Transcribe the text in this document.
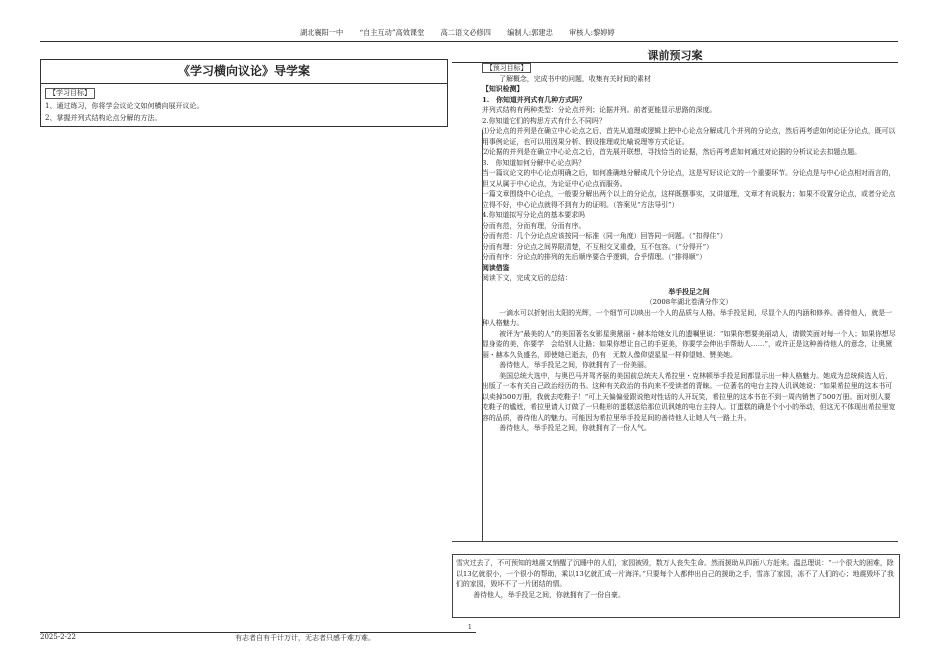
湖北襄阳一中 “自主互动”高效课堂 高二语文必修四 编制人:郭建忠 审核人:黎婷婷
《学习横向议论》导学案
【学习目标】
1、通过练习，你将学会议论文如何横向展开议论。
2、掌握并列式结构论点分解的方法。
课前预习案

【预习目标】

了解概念，完成书中的问题，收集有关时间的素材

【知识检测】

1.　你知道并列式有几种方式吗？

并列式结构有两种类型：分论点并列；论据并列。前者更能显示思路的深度。

2.你知道它们的构思方式有什么不同吗？

⑴分论点的并列是在确立中心论点之后，首先从道理或逻辑上把中心论点分解成几个并列的分论点，然后再考虑如何论证分论点，既可以用事例论证，也可以用因果分析、假设推理或比喻说理等方式论证。

⑵论据的并列是在确立中心论点之后，首先展开联想，寻找恰当的论据，然后再考虑如何通过对论据的分析议论去扣题点题。

3.　你知道如何分解中心论点吗？

当一篇议论文的中心论点明确之后，如何准确地分解成几个分论点，这是写好议论文的一个重要环节。分论点是与中心论点相对而言的，但又从属于中心论点，为论证中心论点而服务。

一篇文章围绕中心论点，一般要分解出两个以上的分论点，这样既摆事实，又讲道理，文章才有说服力；如果不设置分论点，或者分论点立得不好，中心论点就得不到有力的证明。（答案见“方法导引”）

4.你知道拟写分论点的基本要求吗

分而有范，分而有理，分而有序。

分而有范：几个分论点应该按同一标准（同一角度）回答同一问题。（“扣得住”）

分而有理：分论点之间界限清楚，不互相交叉重叠，互不包容。（“分得开”）

分而有序：分论点的排列的先后顺序要合乎逻辑，合乎情理。（“排得顺”）

阅读借鉴

阅读下文，完成文后的总结：

举手投足之间

（2008年湖北卷满分作文）

一滴水可以折射出太阳的光辉，一个细节可以映出一个人的品质与人格。举手投足间，尽显个人的内涵和修养。善待他人，就是一种人格魅力。

被评为“最美的人”的美国著名女影星奥黛丽・赫本给她女儿的遗嘱里说：“如果你想要美丽动人，请微笑面对每一个人；如果你想尽显身姿的美，你要学　会给别人让路；如果你想让自己的手更美，你要学会伸出手帮助人……”，或许正是这种善待他人的意念，让奥黛丽・赫本久负盛名，即使她已逝去，仍有　无数人像仰望星星一样仰望她、赞美她。

善待他人，举手投足之间，你就拥有了一份美丽。

美国总统大选中，与奥巴马并驾齐驱的美国前总统夫人希拉里・克林顿举手投足间都显示出一种人格魅力。她成为总统候选人后，出版了一本有关自己政治经历的书。这种有关政治的书向来不受读者的青睐。一位著名的电台主持人讥讽她说：“如果希拉里的这本书可以卖掉500万册，我就去吃鞋子！”可上天偏偏爱跟说绝对性话的人开玩笑，希拉里的这本书在不到一周内销售了500万册。面对别人要吃鞋子的尴尬，希拉里请人订做了一只鞋形的蛋糕送给那位讥讽她的电台主持人。订蛋糕的确是个小小的举动，但这无不体现出希拉里宽容的品质，善待他人的魅力。可能因为希拉里举手投足间的善待他人让她人气一路上升。

善待他人，举手投足之间，你就拥有了一份人气。

雪灾过去了，不可预知的地震又悄醒了沉睡中的人们，家园被毁，数万人丧失生命。然而援助从四面八方赶来。温总理说：“一个很大的困难，除以13亿就很小，一个很小的帮助，乘以13亿就汇成一片海洋。”只要每个人都伸出自己的援助之手，雪冻了家园，冻不了人们的心；地震毁坏了我们的家园，毁坏不了一片团结的情。

善待他人，举手投足之间，你就拥有了一份自豪。

1
2025-2-22	有志者自有千计万计，无志者只感千难万难。
